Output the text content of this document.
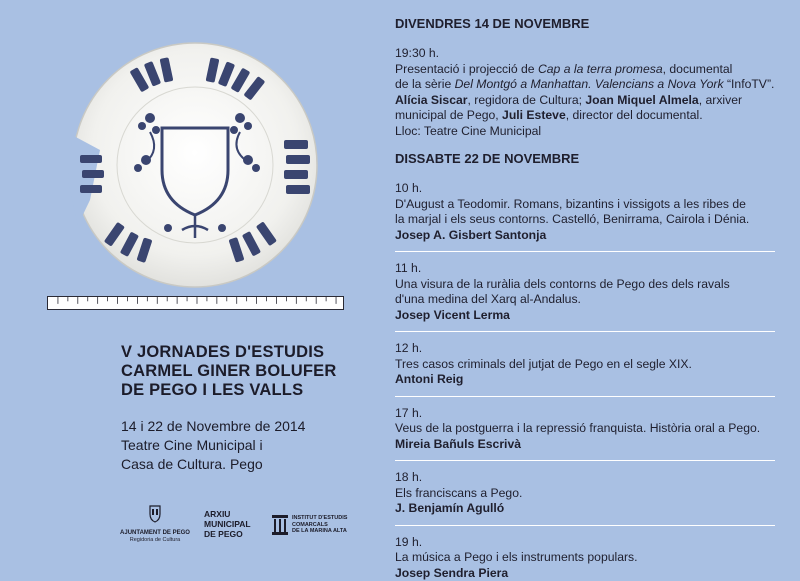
V JORNADES D'ESTUDIS
CARMEL GINER BOLUFER
DE PEGO I LES VALLS
14 i 22 de Novembre de 2014
Teatre Cine Municipal i
Casa de Cultura. Pego
AJUNTAMENT DE PEGO
Regidoria de Cultura
ARXIU
MUNICIPAL
DE PEGO
INSTITUT D'ESTUDIS
COMARCALS
DE LA MARINA ALTA
DIVENDRES 14 DE NOVEMBRE
19:30 h.
Presentació i projecció de Cap a la terra promesa, documental
de la sèrie Del Montgó a Manhattan. Valencians a Nova York “InfoTV”.
Alícia Siscar, regidora de Cultura; Joan Miquel Almela, arxiver
municipal de Pego, Juli Esteve, director del documental.
Lloc: Teatre Cine Municipal
DISSABTE 22 DE NOVEMBRE
10 h.
D'August a Teodomir. Romans, bizantins i vissigots a les ribes de
la marjal i els seus contorns. Castelló, Benirrama, Cairola i Dénia.
Josep A. Gisbert Santonja
11 h.
Una visura de la ruràlia dels contorns de Pego des dels ravals
d'una medina del Xarq al-Andalus.
Josep Vicent Lerma
12 h.
Tres casos criminals del jutjat de Pego en el segle XIX.
Antoni Reig
17 h.
Veus de la postguerra i la repressió franquista. Història oral a Pego.
Mireia Bañuls Escrivà
18 h.
Els franciscans a Pego.
J. Benjamín Agulló
19 h.
La música a Pego i els instruments populars.
Josep Sendra Piera
